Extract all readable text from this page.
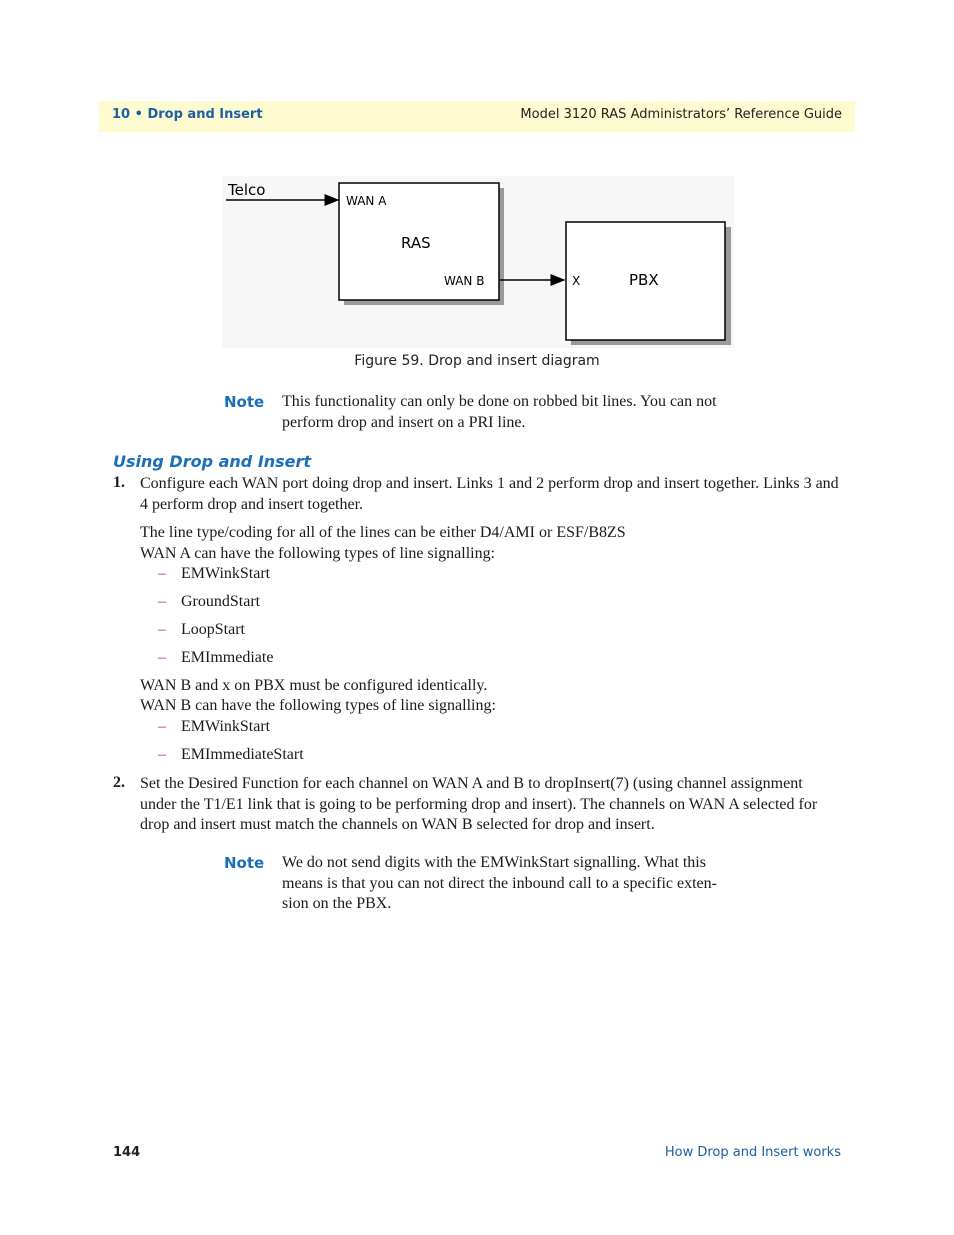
10 • Drop and Insert	Model 3120 RAS Administrators’ Reference Guide
Telco
WAN A
RAS
WAN B	X	PBX
Figure 59. Drop and insert diagram
Note This functionality can only be done on robbed bit lines. You can not perform drop and insert on a PRI line.
Using Drop and Insert
1. Configure each WAN port doing drop and insert. Links 1 and 2 perform drop and insert together. Links 3 and 4 perform drop and insert together.
The line type/coding for all of the lines can be either D4/AMI or ESF/B8ZS
WAN A can have the following types of line signalling:
– EMWinkStart
– GroundStart
– LoopStart
– EMImmediate
WAN B and x on PBX must be configured identically.
WAN B can have the following types of line signalling:
– EMWinkStart
– EMImmediateStart
2. Set the Desired Function for each channel on WAN A and B to dropInsert(7) (using channel assignment under the T1/E1 link that is going to be performing drop and insert). The channels on WAN A selected for drop and insert must match the channels on WAN B selected for drop and insert.
Note We do not send digits with the EMWinkStart signalling. What this means is that you can not direct the inbound call to a specific exten-sion on the PBX.
144	How Drop and Insert works
